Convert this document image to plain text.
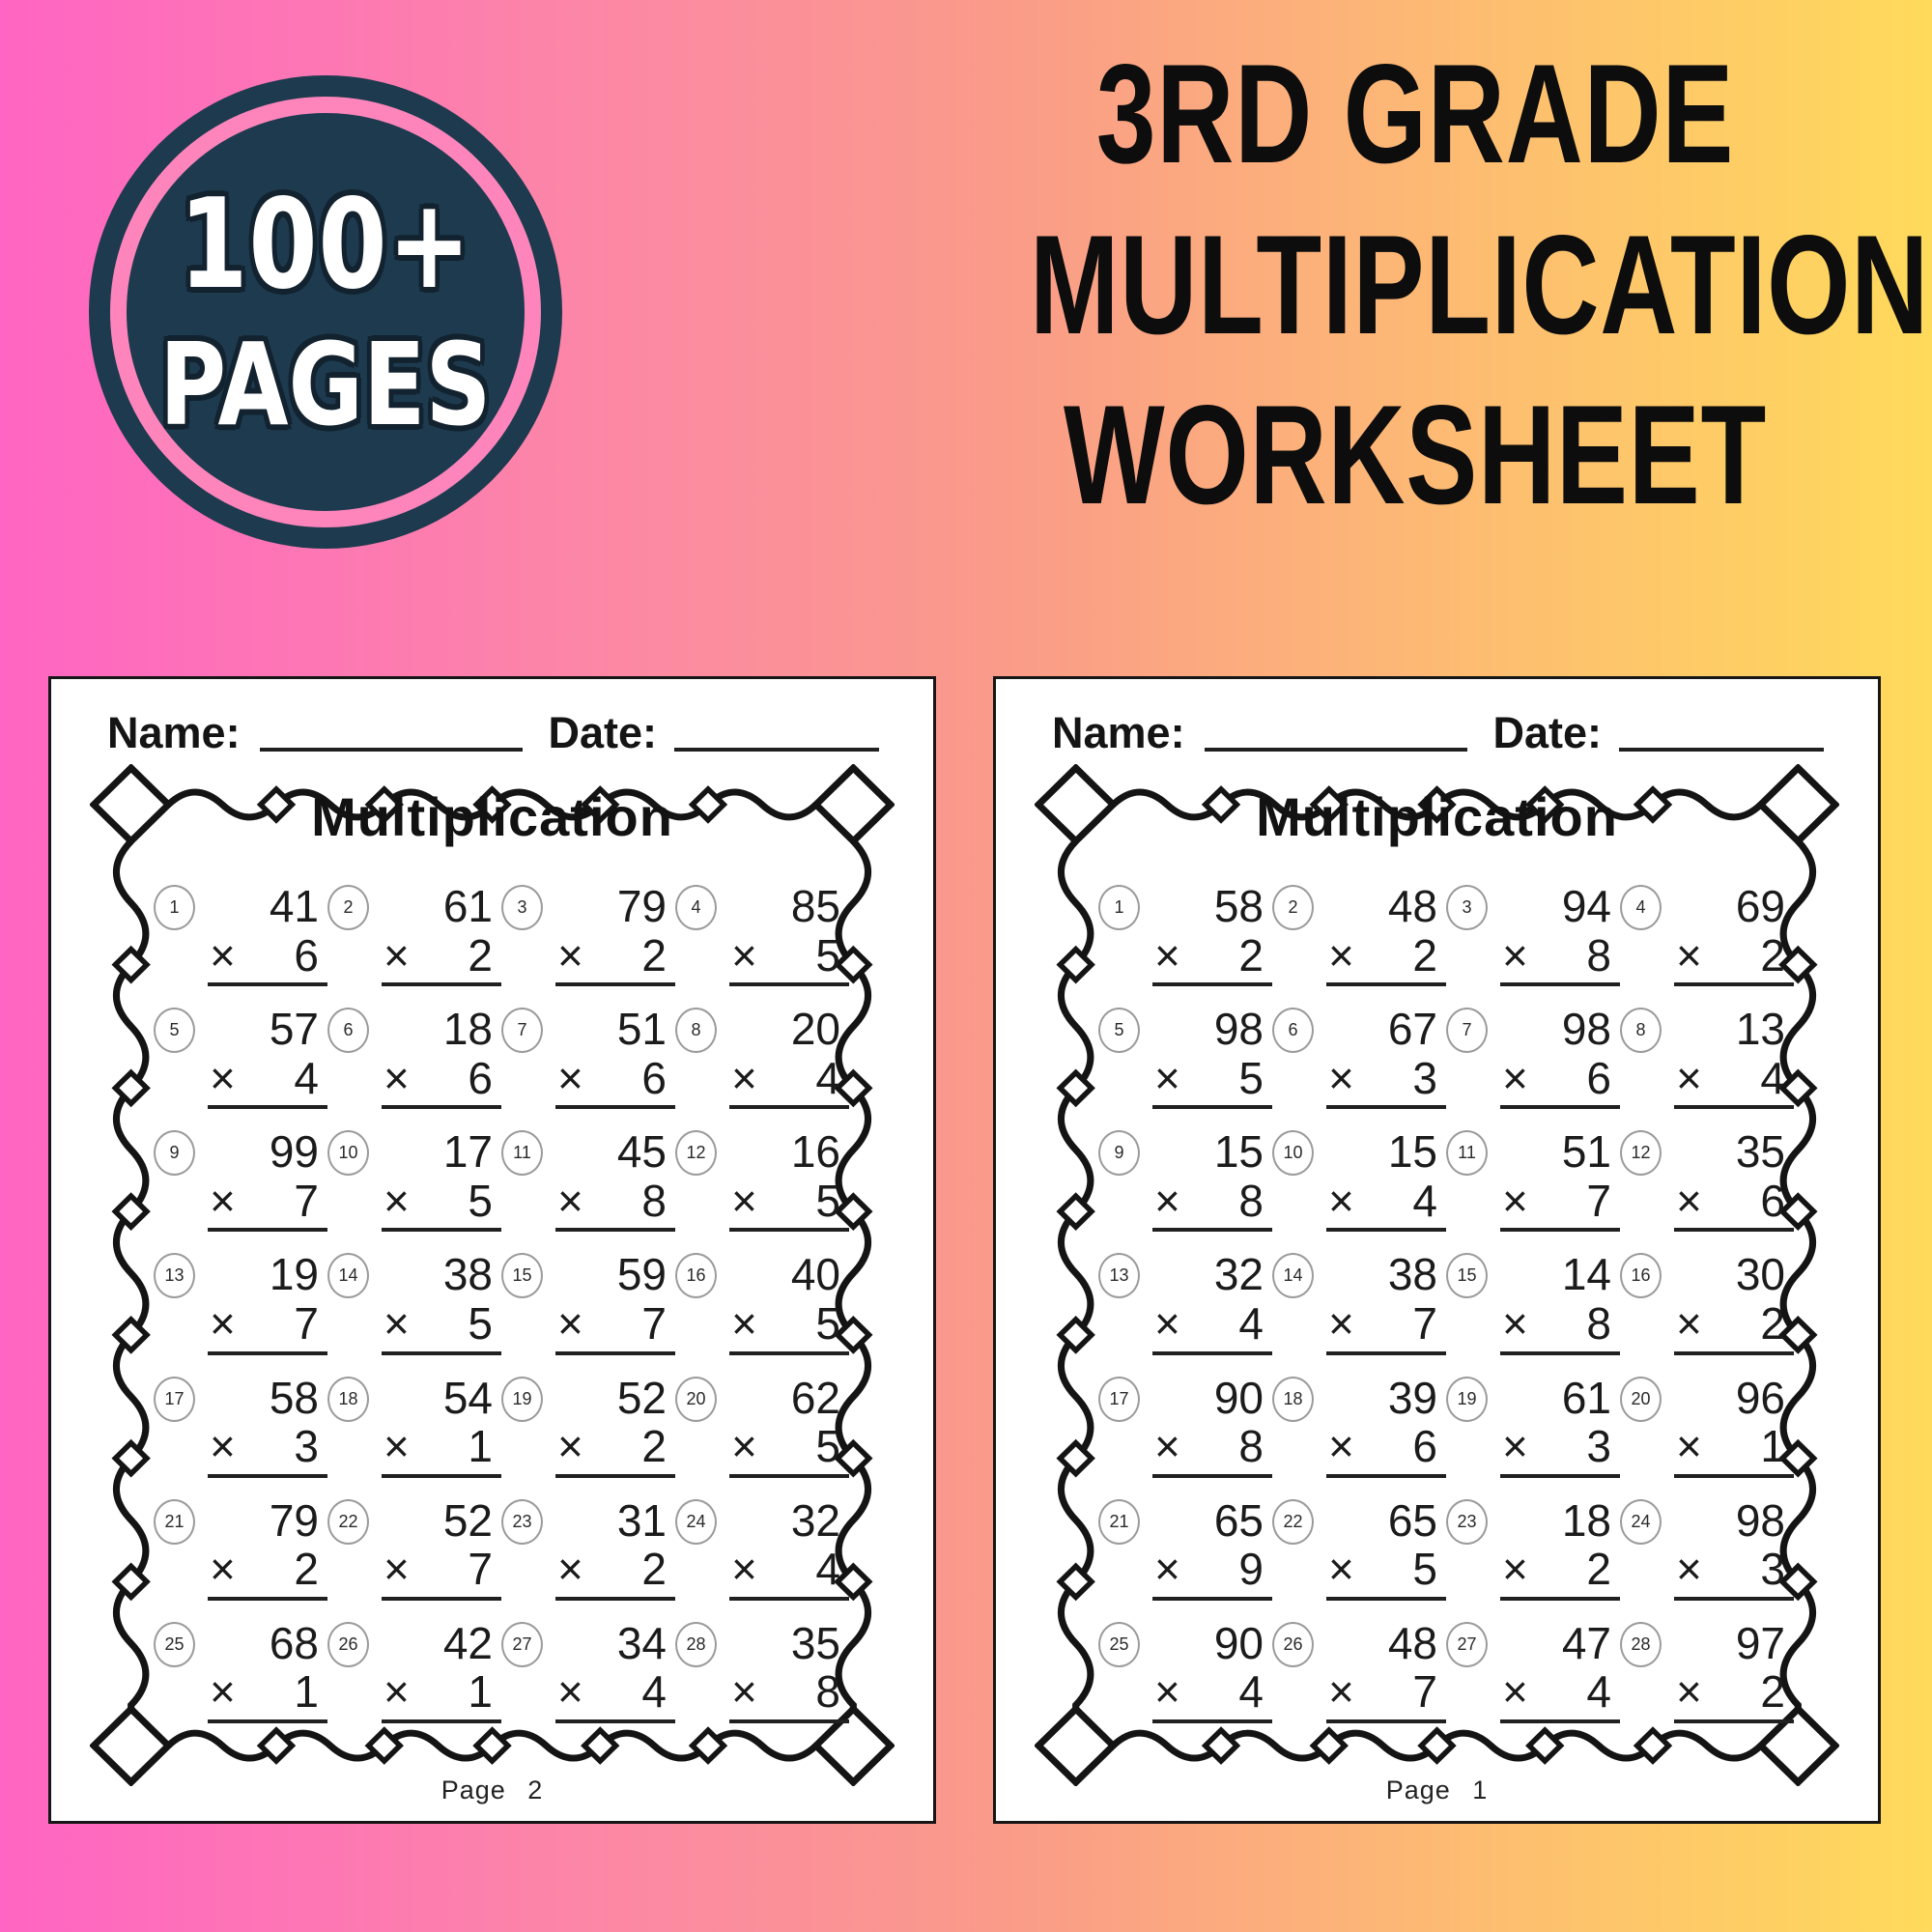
100+
PAGES
3RD GRADE
MULTIPLICATION
WORKSHEET
Name:	Date:
Multiplication
1	41
× 6
2	61
× 2
3	79
× 2
4	85
× 5
5	57
× 4
6	18
× 6
7	51
× 6
8	20
× 4
9	99
× 7
10	17
× 5
11	45
× 8
12	16
× 5
13	19
× 7
14	38
× 5
15	59
× 7
16	40
× 5
17	58
× 3
18	54
× 1
19	52
× 2
20	62
× 5
21	79
× 2
22	52
× 7
23	31
× 2
24	32
× 4
25	68
× 1
26	42
× 1
27	34
× 4
28	35
× 8
Page 2
Name:	Date:
Multiplication
1	58
× 2
2	48
× 2
3	94
× 8
4	69
× 2
5	98
× 5
6	67
× 3
7	98
× 6
8	13
× 4
9	15
× 8
10	15
× 4
11	51
× 7
12	35
× 6
13	32
× 4
14	38
× 7
15	14
× 8
16	30
× 2
17	90
× 8
18	39
× 6
19	61
× 3
20	96
× 1
21	65
× 9
22	65
× 5
23	18
× 2
24	98
× 3
25	90
× 4
26	48
× 7
27	47
× 4
28	97
× 2
Page 1
